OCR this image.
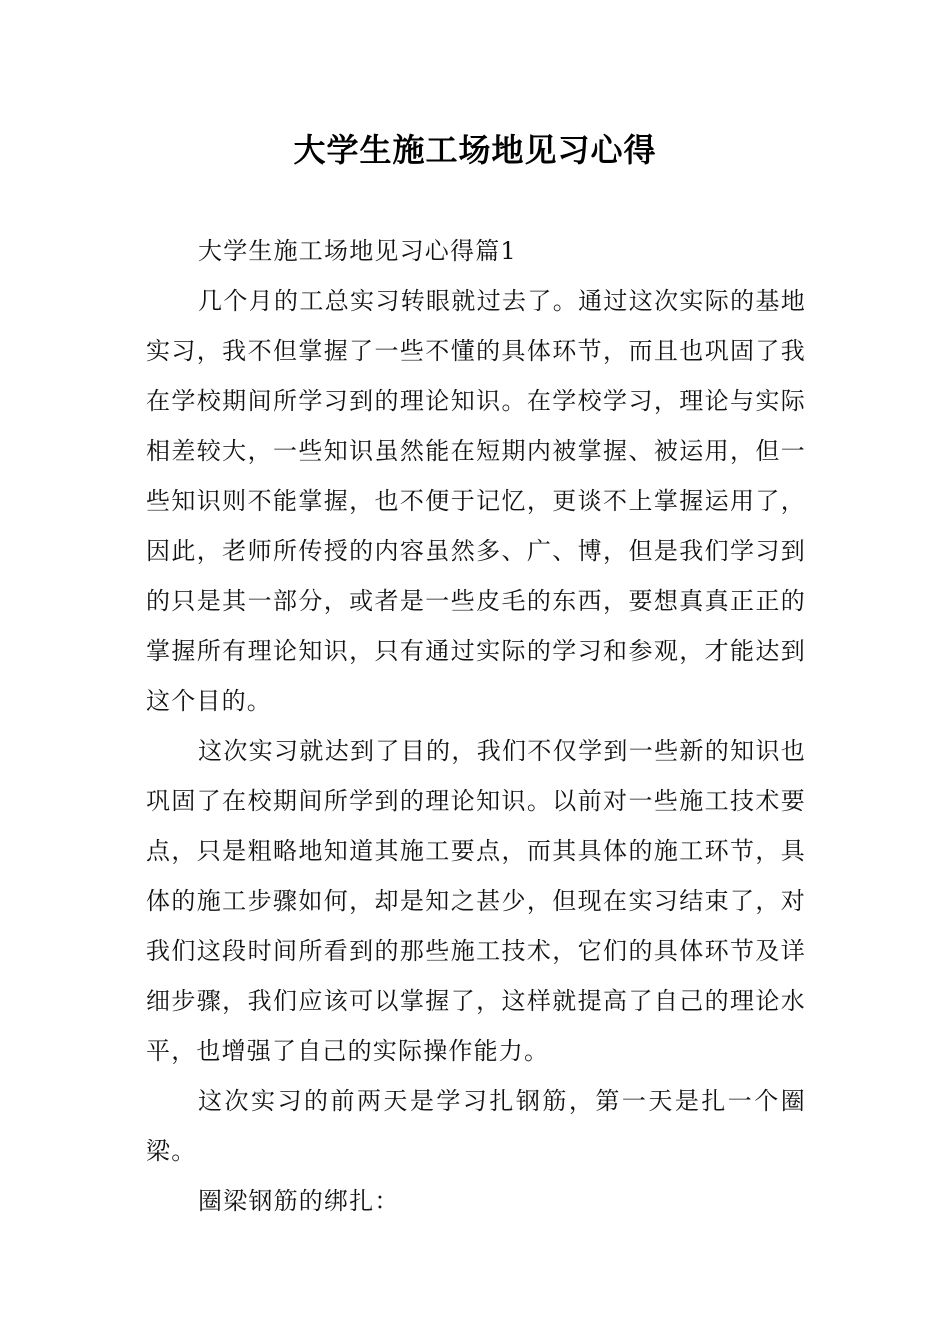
大学生施工场地见习心得

大学生施工场地见习心得篇1

几个月的工总实习转眼就过去了。通过这次实际的基地实习，我不但掌握了一些不懂的具体环节，而且也巩固了我在学校期间所学习到的理论知识。在学校学习，理论与实际相差较大，一些知识虽然能在短期内被掌握、被运用，但一些知识则不能掌握，也不便于记忆，更谈不上掌握运用了，因此，老师所传授的内容虽然多、广、博，但是我们学习到的只是其一部分，或者是一些皮毛的东西，要想真真正正的掌握所有理论知识，只有通过实际的学习和参观，才能达到这个目的。

这次实习就达到了目的，我们不仅学到一些新的知识也巩固了在校期间所学到的理论知识。以前对一些施工技术要点，只是粗略地知道其施工要点，而其具体的施工环节，具体的施工步骤如何，却是知之甚少，但现在实习结束了，对我们这段时间所看到的那些施工技术，它们的具体环节及详细步骤，我们应该可以掌握了，这样就提高了自己的理论水平，也增强了自己的实际操作能力。

这次实习的前两天是学习扎钢筋，第一天是扎一个圈梁。

圈梁钢筋的绑扎：
